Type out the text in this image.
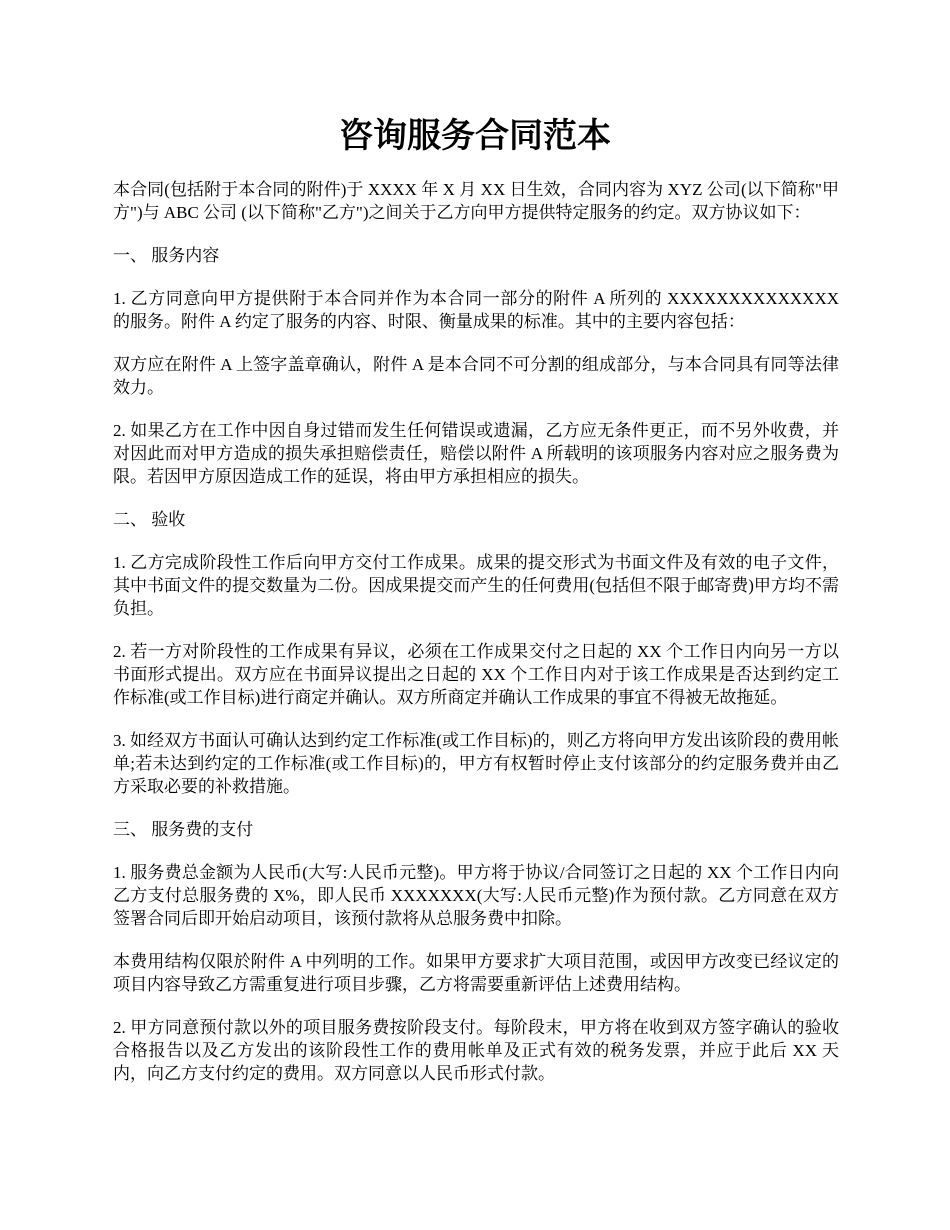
咨询服务合同范本

本合同(包括附于本合同的附件)于 XXXX 年 X 月 XX 日生效，合同内容为 XYZ 公司(以下简称"甲方")与 ABC 公司 (以下简称"乙方")之间关于乙方向甲方提供特定服务的约定。双方协议如下：

一、 服务内容

1. 乙方同意向甲方提供附于本合同并作为本合同一部分的附件 A 所列的 XXXXXXXXXXXXXX 的服务。附件 A 约定了服务的内容、时限、衡量成果的标准。其中的主要内容包括：

双方应在附件 A 上签字盖章确认，附件 A 是本合同不可分割的组成部分，与本合同具有同等法律效力。

2. 如果乙方在工作中因自身过错而发生任何错误或遗漏，乙方应无条件更正，而不另外收费，并对因此而对甲方造成的损失承担赔偿责任，赔偿以附件 A 所载明的该项服务内容对应之服务费为限。若因甲方原因造成工作的延误，将由甲方承担相应的损失。

二、 验收

1. 乙方完成阶段性工作后向甲方交付工作成果。成果的提交形式为书面文件及有效的电子文件，其中书面文件的提交数量为二份。因成果提交而产生的任何费用(包括但不限于邮寄费)甲方均不需负担。

2. 若一方对阶段性的工作成果有异议，必须在工作成果交付之日起的 XX 个工作日内向另一方以书面形式提出。双方应在书面异议提出之日起的 XX 个工作日内对于该工作成果是否达到约定工作标准(或工作目标)进行商定并确认。双方所商定并确认工作成果的事宜不得被无故拖延。

3. 如经双方书面认可确认达到约定工作标准(或工作目标)的，则乙方将向甲方发出该阶段的费用帐单;若未达到约定的工作标准(或工作目标)的，甲方有权暂时停止支付该部分的约定服务费并由乙方采取必要的补救措施。

三、 服务费的支付

1. 服务费总金额为人民币(大写:人民币元整)。甲方将于协议/合同签订之日起的 XX 个工作日内向乙方支付总服务费的 X%，即人民币 XXXXXXX(大写:人民币元整)作为预付款。乙方同意在双方签署合同后即开始启动项目，该预付款将从总服务费中扣除。

本费用结构仅限於附件 A 中列明的工作。如果甲方要求扩大项目范围，或因甲方改变已经议定的项目内容导致乙方需重复进行项目步骤，乙方将需要重新评估上述费用结构。

2. 甲方同意预付款以外的项目服务费按阶段支付。每阶段末，甲方将在收到双方签字确认的验收合格报告以及乙方发出的该阶段性工作的费用帐单及正式有效的税务发票，并应于此后 XX 天内，向乙方支付约定的费用。双方同意以人民币形式付款。
